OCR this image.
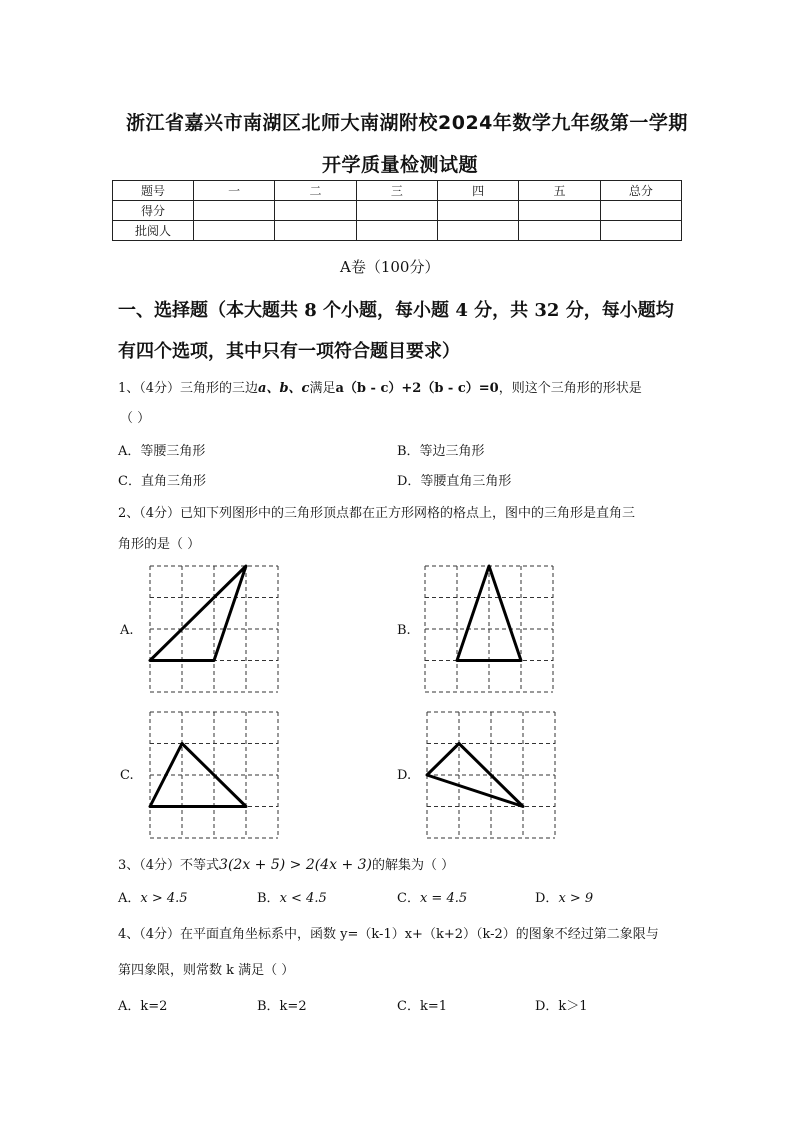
浙江省嘉兴市南湖区北师大南湖附校2024年数学九年级第一学期
开学质量检测试题
题号	一	二	三	四	五	总分
得分						
批阅人						
A卷（100分）
一、选择题（本大题共 8 个小题，每小题 4 分，共 32 分，每小题均
有四个选项，其中只有一项符合题目要求）
1、（4分）三角形的三边a、b、c满足a（b - c）+2（b - c）=0，则这个三角形的形状是
（ ）
A．等腰三角形	B．等边三角形
C．直角三角形	D．等腰直角三角形
2、（4分）已知下列图形中的三角形顶点都在正方形网格的格点上，图中的三角形是直角三
角形的是（ ）
A.	B.
C.	D.
3、（4分）不等式3(2x + 5) > 2(4x + 3)的解集为（ ）
A．x > 4.5	B．x < 4.5	C．x = 4.5	D．x > 9
4、（4分）在平面直角坐标系中，函数 y=（k-1）x+（k+2）（k-2）的图象不经过第二象限与
第四象限，则常数 k 满足（ ）
A．k=2	B．k=2	C．k=1	D．k＞1
